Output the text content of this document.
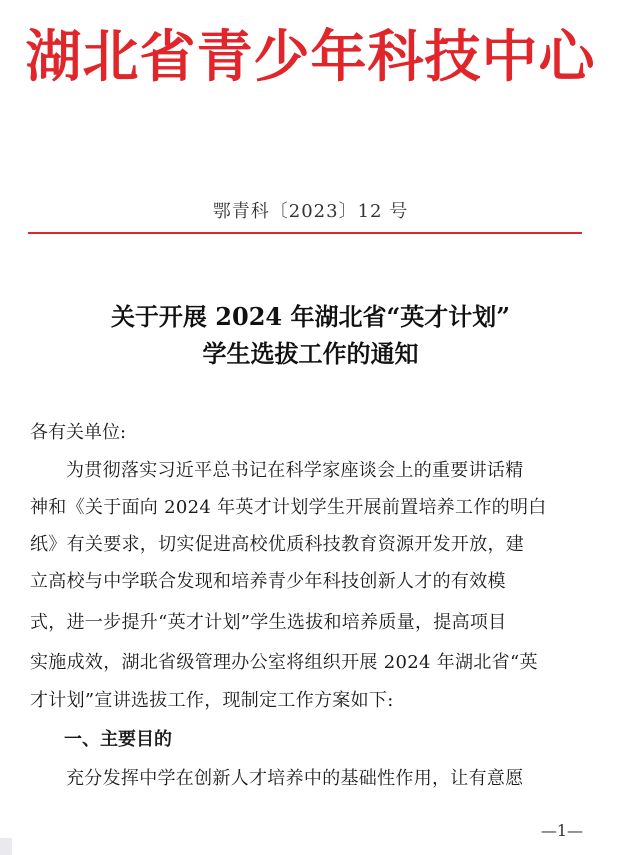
湖北省青少年科技中心
鄂青科〔2023〕12 号
关于开展 2024 年湖北省“英才计划”
学生选拔工作的通知
各有关单位:
为贯彻落实习近平总书记在科学家座谈会上的重要讲话精
神和《关于面向 2024 年英才计划学生开展前置培养工作的明白
纸》有关要求，切实促进高校优质科技教育资源开发开放，建
立高校与中学联合发现和培养青少年科技创新人才的有效模
式，进一步提升“英才计划”学生选拔和培养质量，提高项目
实施成效，湖北省级管理办公室将组织开展 2024 年湖北省“英
才计划”宣讲选拔工作，现制定工作方案如下:
一、主要目的
充分发挥中学在创新人才培养中的基础性作用，让有意愿
—1—
